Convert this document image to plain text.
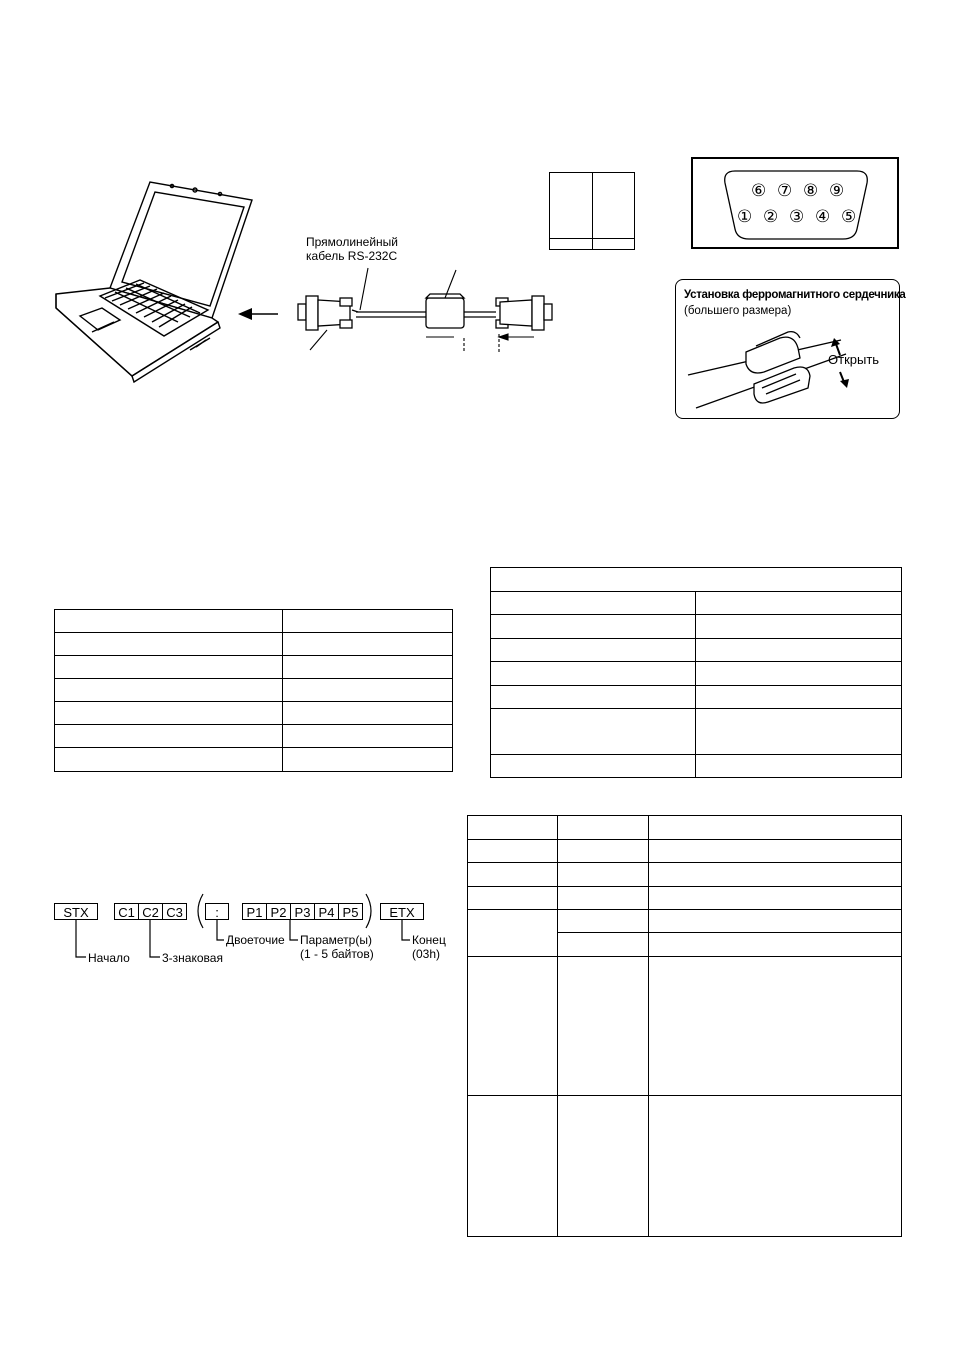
Прямолинейный
кабель RS-232C

⑥ ⑦ ⑧ ⑨
① ② ③ ④ ⑤
Установка ферромагнитного сердечника
(большего размера)
Открыть

STX	C1 C2 C3	:	P1 P2 P3 P4 P5	ETX
Начало	3-знаковая
Двоеточие Параметр(ы)
(1 - 5 байтов)
Конец
(03h)
